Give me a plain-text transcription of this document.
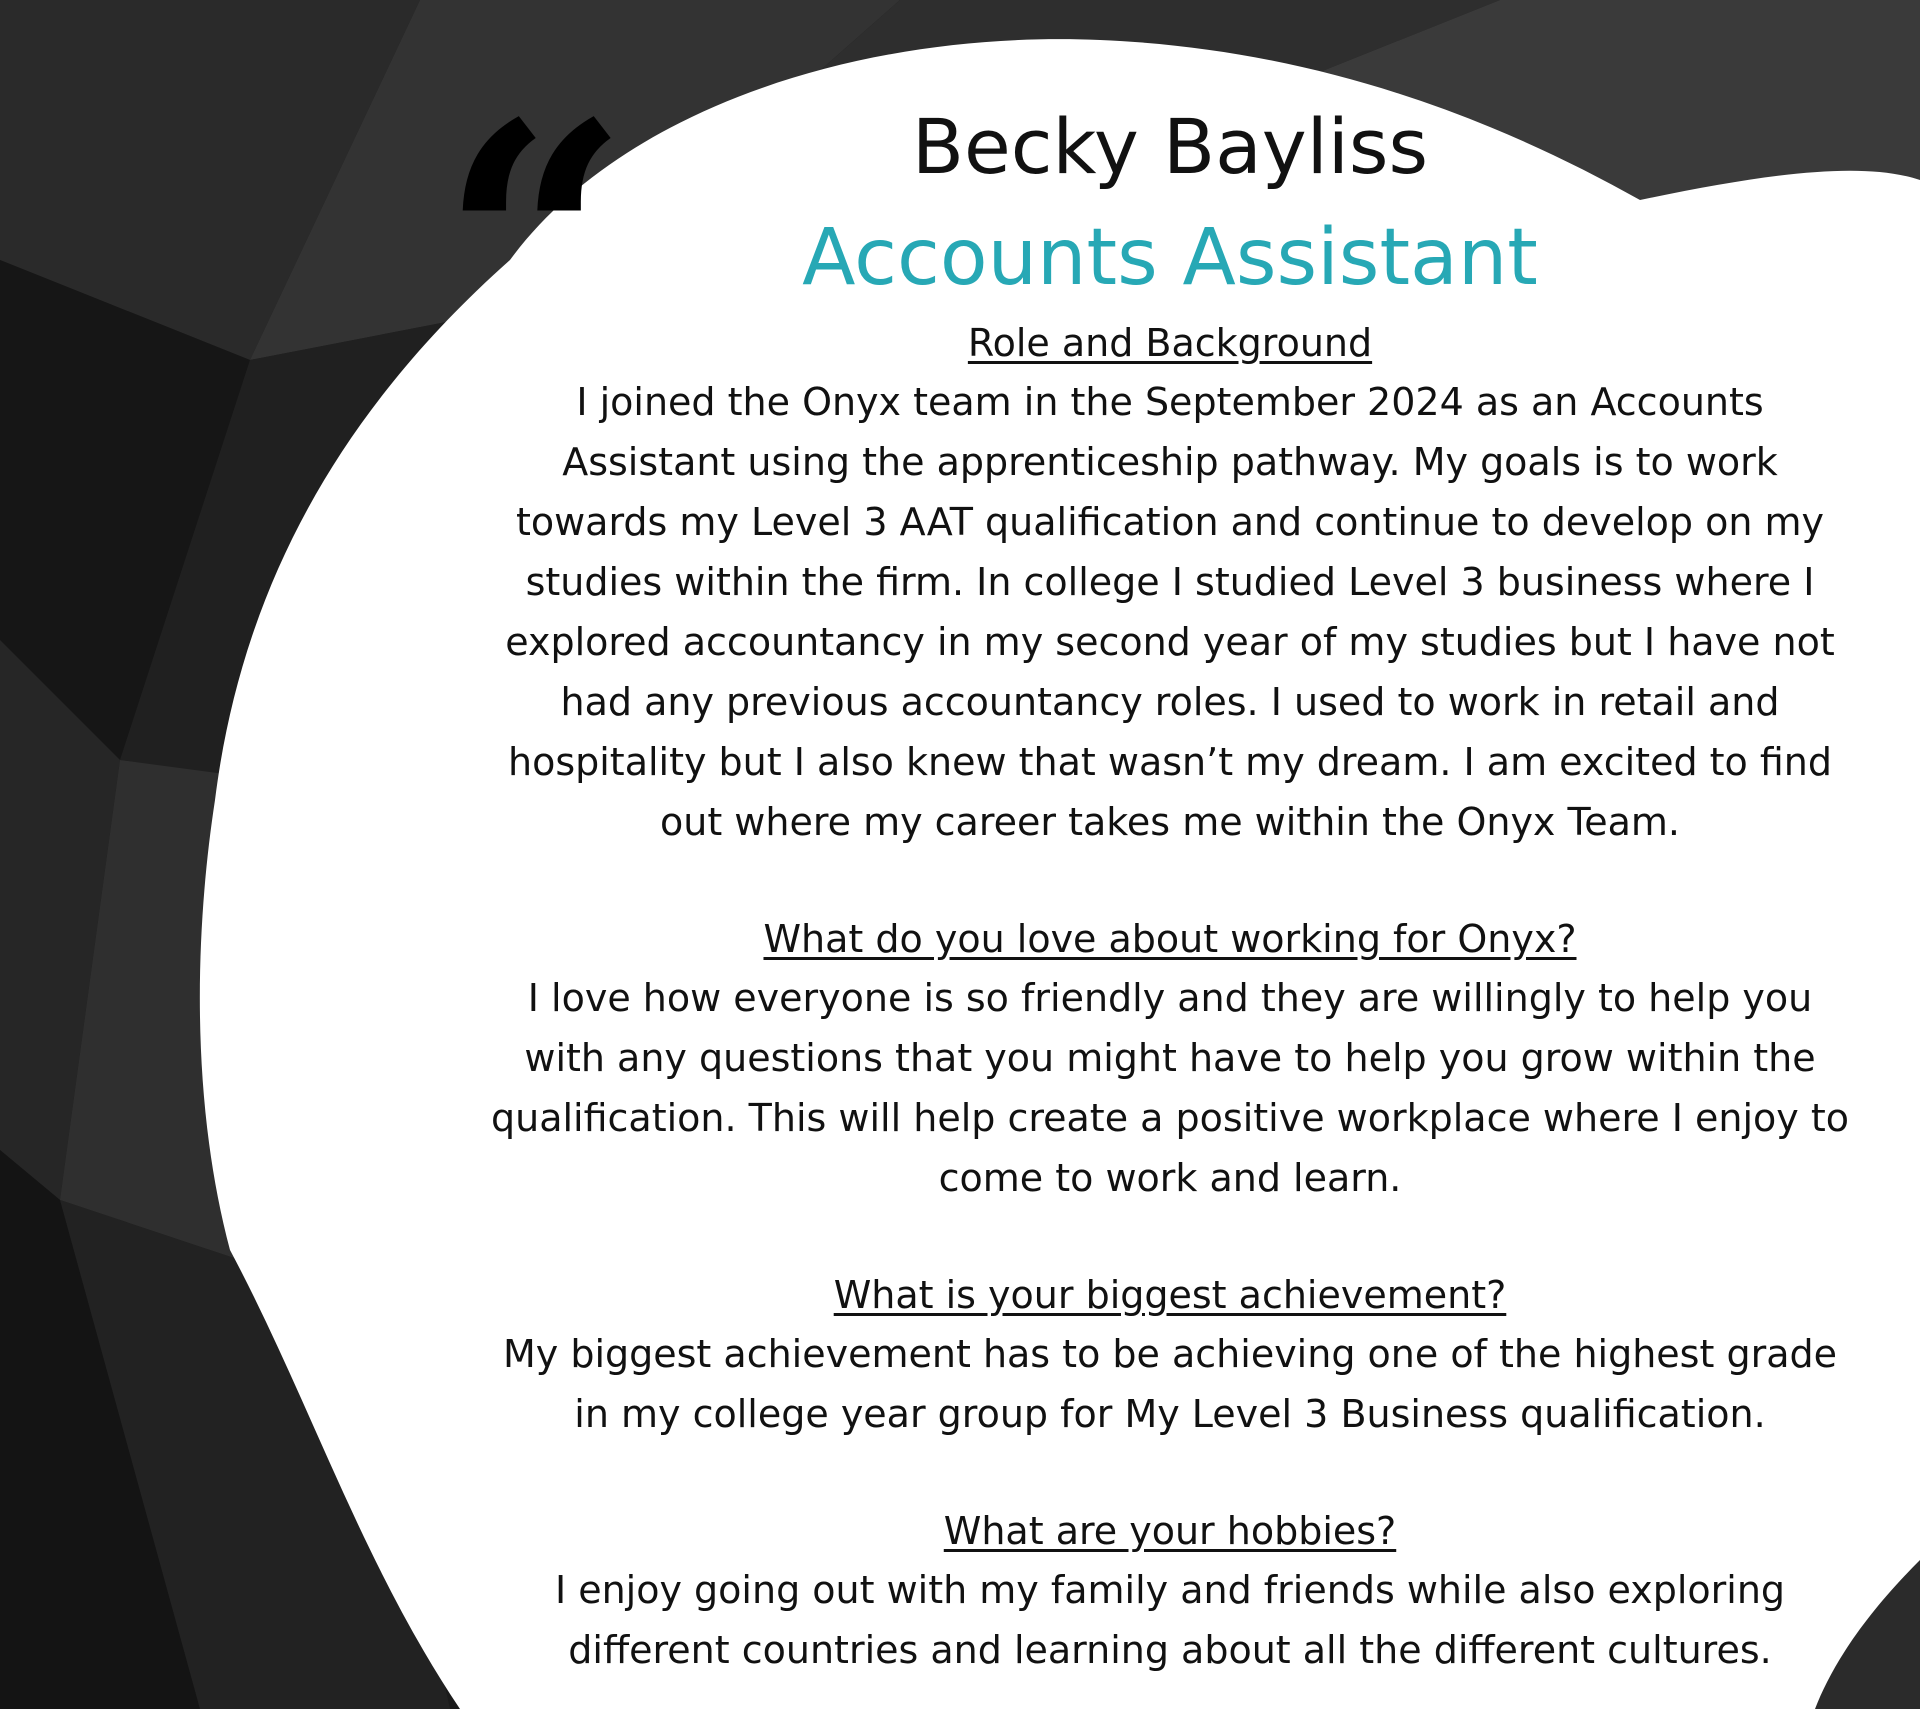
“	Becky Bayliss
Accounts Assistant
Role and Background

I joined the Onyx team in the September 2024 as an Accounts Assistant using the apprenticeship pathway. My goals is to work towards my Level 3 AAT qualification and continue to develop on my studies within the firm. In college I studied Level 3 business where I explored accountancy in my second year of my studies but I have not had any previous accountancy roles. I used to work in retail and hospitality but I also knew that wasn’t my dream. I am excited to find out where my career takes me within the Onyx Team.

What do you love about working for Onyx?

I love how everyone is so friendly and they are willingly to help you with any questions that you might have to help you grow within the qualification. This will help create a positive workplace where I enjoy to come to work and learn.

What is your biggest achievement?

My biggest achievement has to be achieving one of the highest grade in my college year group for My Level 3 Business qualification.

What are your hobbies?

I enjoy going out with my family and friends while also exploring different countries and learning about all the different cultures.
